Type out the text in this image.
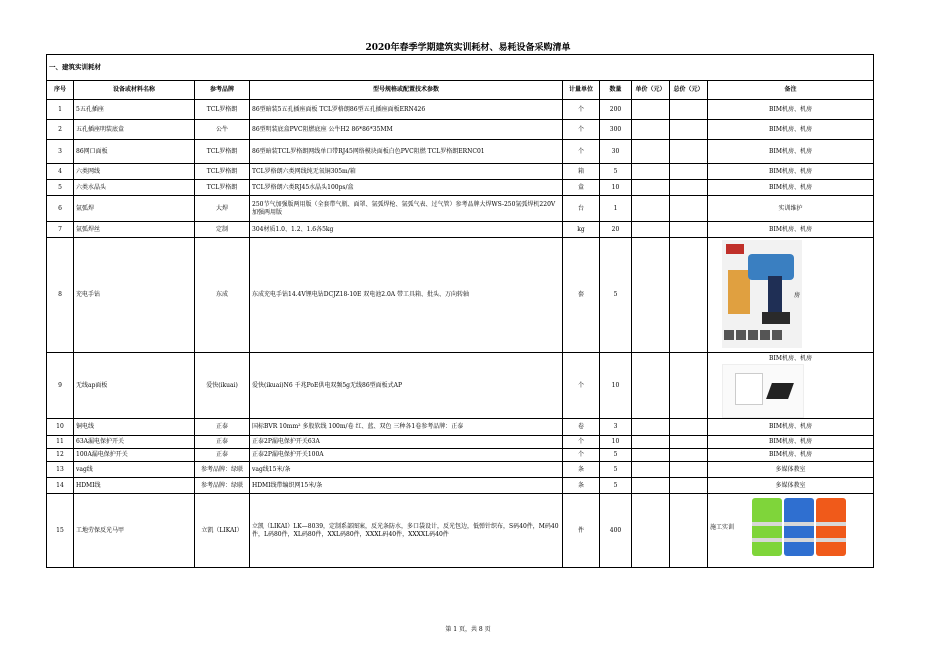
2020年春季学期建筑实训耗材、易耗设备采购清单
一、建筑实训耗材								
序号	设备或材料名称	参考品牌	型号规格或配置技术参数	计量单位	数量	单价（元）	总价（元）	备注
1	5五孔插座	TCL罗格朗	86型暗装5五孔插座面板 TCL罗格朗86型五孔插座面板ERN426	个	200			BIM机房、机房
2	五孔插座明装底盒	公牛	86型明装底盒PVC阻燃底座 公牛H2 86*86*35MM	个	300			BIM机房、机房
3	86网口面板	TCL罗格朗	86型暗装TCL罗格朗网线单口带RJ45网络模块面板白色PVC阻燃 TCL罗格朗ERNC01	个	30			BIM机房、机房
4	六类网线	TCL罗格朗	TCL罗格朗六类网线纯无氧铜305m/箱	箱	5			BIM机房、机房
5	六类水晶头	TCL罗格朗	TCL罗格朗六类RJ45水晶头100ps/盒	盒	10			BIM机房、机房
6	氩弧焊	大焊	250节气加强版两用版（全套带气瓶、面罩、氩弧焊枪、氩弧气表、过气管）参考品牌大焊WS-250氩弧焊机220V加强两用版	台	1			实训维护
7	氩弧焊丝	定制	304材质1.0、1.2、1.6各5kg	kg	20			BIM机房、机房
8	充电手钻	东成	东成充电手钻14.4V锂电钻DCJZ18-10E 双电池2.0A 带工具箱、批头、万向转轴	套	5			房

9	无线ap面板	爱快(ikuai)	爱快(ikuai)N6 千兆PoE供电双频5g无线86型面板式AP	个	10			BIM机房、机房

10	铜电线	正泰	国标BVR 10mm² 多股软线 100m/卷 红、蓝、双色 三种各1卷参考品牌：正泰	卷	3			BIM机房、机房
11	63A漏电保护开关	正泰	正泰2P漏电保护开关63A	个	10			BIM机房、机房
12	100A漏电保护开关	正泰	正泰2P漏电保护开关100A	个	5			BIM机房、机房
13	vag线	参考品牌：绿联	vag线15米/条	条	5			多媒体教室
14	HDMI线	参考品牌：绿联	HDMI线带编织网15米/条	条	5			多媒体教室
15	工地劳保反光马甲	立凯（LIKAI）	立凯（LIKAI）LK—8039，定制系部图案，反光条防水，多口袋设计，反光包边，低弹针织布，S码40件，M码40件，L码80件，XL码80件，XXL码80件，XXXL码40件，XXXXL码40件	件	400			施工实训
第 1 页，共 8 页
